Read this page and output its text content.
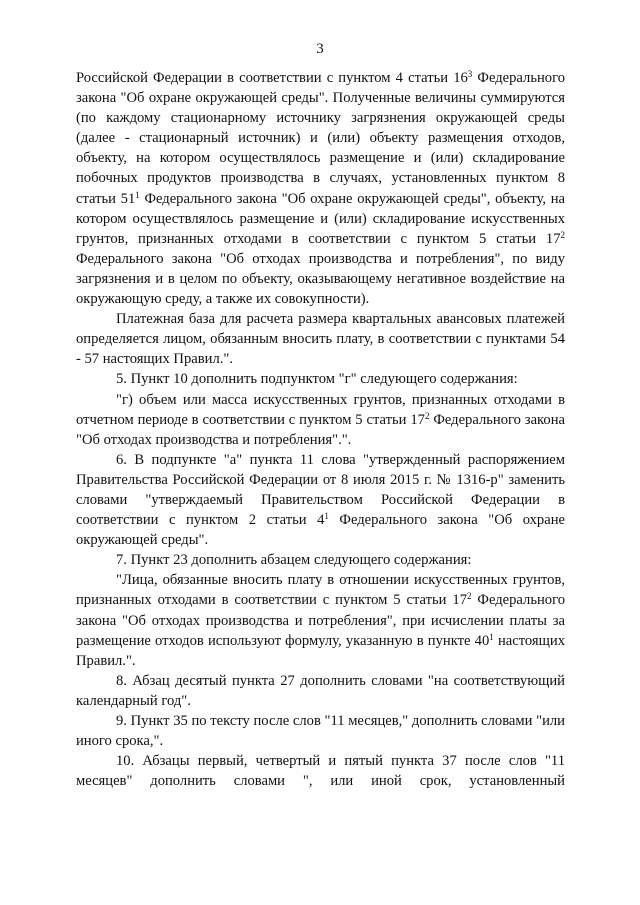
3

Российской Федерации в соответствии с пунктом 4 статьи $16^3$ Федерального закона "Об охране окружающей среды". Полученные величины суммируются (по каждому стационарному источнику загрязнения окружающей среды (далее - стационарный источник) и (или) объекту размещения отходов, объекту, на котором осуществлялось размещение и (или) складирование побочных продуктов производства в случаях, установленных пунктом 8 статьи $51^1$ Федерального закона "Об охране окружающей среды", объекту, на котором осуществлялось размещение и (или) складирование искусственных грунтов, признанных отходами в соответствии с пунктом 5 статьи $17^2$ Федерального закона "Об отходах производства и потребления", по виду загрязнения и в целом по объекту, оказывающему негативное воздействие на окружающую среду, а также их совокупности).

Платежная база для расчета размера квартальных авансовых платежей определяется лицом, обязанным вносить плату, в соответствии с пунктами 54 - 57 настоящих Правил.".

5. Пункт 10 дополнить подпунктом "г" следующего содержания:

"г) объем или масса искусственных грунтов, признанных отходами в отчетном периоде в соответствии с пунктом 5 статьи $17^2$ Федерального закона "Об отходах производства и потребления".".

6. В подпункте "а" пункта 11 слова "утвержденный распоряжением Правительства Российской Федерации от 8 июля 2015 г. № 1316-р" заменить словами "утверждаемый Правительством Российской Федерации в соответствии с пунктом 2 статьи $4^1$ Федерального закона "Об охране окружающей среды".

7. Пункт 23 дополнить абзацем следующего содержания:

"Лица, обязанные вносить плату в отношении искусственных грунтов, признанных отходами в соответствии с пунктом 5 статьи $17^2$ Федерального закона "Об отходах производства и потребления", при исчислении платы за размещение отходов используют формулу, указанную в пункте $40^1$ настоящих Правил.".

8. Абзац десятый пункта 27 дополнить словами "на соответствующий календарный год".

9. Пункт 35 по тексту после слов "11 месяцев," дополнить словами "или иного срока,".

10. Абзацы первый, четвертый и пятый пункта 37 после слов "11 месяцев" дополнить словами ", или иной срок, установленный
